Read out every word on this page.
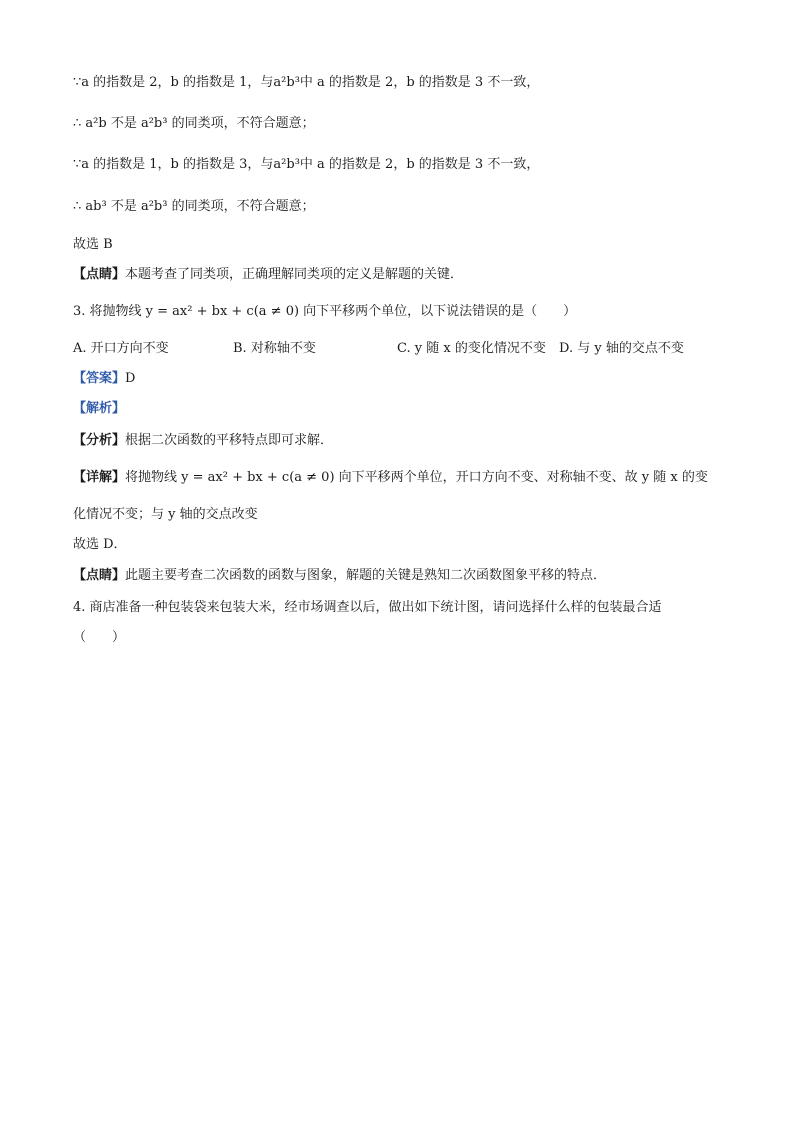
∵a 的指数是 2，b 的指数是 1，与a²b³中 a 的指数是 2，b 的指数是 3 不一致，
∴ a²b 不是 a²b³ 的同类项，不符合题意；
∵a 的指数是 1，b 的指数是 3，与a²b³中 a 的指数是 2，b 的指数是 3 不一致，
∴ ab³ 不是 a²b³ 的同类项，不符合题意；
故选 B
【点睛】本题考查了同类项，正确理解同类项的定义是解题的关键．
3. 将抛物线 y = ax² + bx + c(a ≠ 0) 向下平移两个单位，以下说法错误的是（　　）
A. 开口方向不变	B. 对称轴不变	C. y 随 x 的变化情况不变 D. 与 y 轴的交点不变
【答案】D
【解析】
【分析】根据二次函数的平移特点即可求解．
【详解】将抛物线 y = ax² + bx + c(a ≠ 0) 向下平移两个单位，开口方向不变、对称轴不变、故 y 随 x 的变
化情况不变；与 y 轴的交点改变
故选 D．
【点睛】此题主要考查二次函数的函数与图象，解题的关键是熟知二次函数图象平移的特点．
4. 商店准备一种包装袋来包装大米，经市场调查以后，做出如下统计图，请问选择什么样的包装最合适
（　　）
